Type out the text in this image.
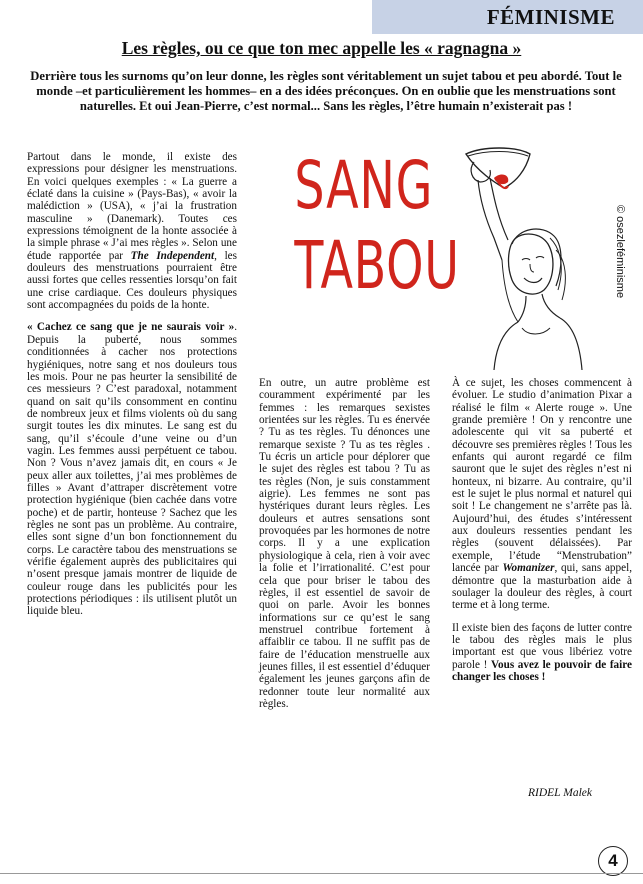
FÉMINISME
Les règles, ou ce que ton mec appelle les « ragnagna »
Derrière tous les surnoms qu’on leur donne, les règles sont véritablement un sujet tabou et peu abordé. Tout le monde –et particulièrement les hommes– en a des idées préconçues. On en oublie que les menstruations sont naturelles. Et oui Jean-Pierre, c’est normal... Sans les règles, l’être humain n’existerait pas !

Partout dans le monde, il existe des expressions pour désigner les menstruations. En voici quelques exemples : « La guerre a éclaté dans la cuisine » (Pays-Bas), « avoir la malédiction » (USA), « j’ai la frustration masculine » (Danemark). Toutes ces expressions témoignent de la honte associée à la simple phrase « J’ai mes règles ». Selon une étude rapportée par The Independent, les douleurs des menstruations pourraient être aussi fortes que celles ressenties lorsqu’on fait une crise cardiaque. Ces douleurs physiques sont accompagnées du poids de la honte.

« Cachez ce sang que je ne saurais voir ». Depuis la puberté, nous sommes conditionnées à cacher nos protections hygiéniques, notre sang et nos douleurs tous les mois. Pour ne pas heurter la sensibilité de ces messieurs ? C’est paradoxal, notamment quand on sait qu’ils consomment en continu de nombreux jeux et films violents où du sang surgit toutes les dix minutes. Le sang est du sang, qu’il s’écoule d’une veine ou d’un vagin. Les femmes aussi perpétuent ce tabou. Non ? Vous n’avez jamais dit, en cours « Je peux aller aux toilettes, j’ai mes problèmes de filles » Avant d’attraper discrètement votre protection hygiénique (bien cachée dans votre poche) et de partir, honteuse ? Sachez que les règles ne sont pas un problème. Au contraire, elles sont signe d’un bon fonctionnement du corps. Le caractère tabou des menstruations se vérifie également auprès des publicitaires qui n’osent presque jamais montrer de liquide de couleur rouge dans les publicités pour les protections périodiques : ils utilisent plutôt un liquide bleu.

SANG
TABOU	© osezleféminisme

En outre, un autre problème est couramment expérimenté par les femmes : les remarques sexistes orientées sur les règles. Tu es énervée ? Tu as tes règles. Tu dénonces une remarque sexiste ? Tu as tes règles . Tu écris un article pour déplorer que le sujet des règles est tabou ? Tu as tes règles (Non, je suis constamment aigrie). Les femmes ne sont pas hystériques durant leurs règles. Les douleurs et autres sensations sont provoquées par les hormones de notre corps. Il y a une explication physiologique à cela, rien à voir avec la folie et l’irrationalité. C’est pour cela que pour briser le tabou des règles, il est essentiel de savoir de quoi on parle. Avoir les bonnes informations sur ce qu’est le sang menstruel contribue fortement à affaiblir ce tabou. Il ne suffit pas de faire de l’éducation menstruelle aux jeunes filles, il est essentiel d’éduquer également les jeunes garçons afin de redonner toute leur normalité aux règles.

À ce sujet, les choses commencent à évoluer. Le studio d’animation Pixar a réalisé le film « Alerte rouge ». Une grande première ! On y rencontre une adolescente qui vit sa puberté et découvre ses premières règles ! Tous les enfants qui auront regardé ce film sauront que le sujet des règles n’est ni honteux, ni bizarre. Au contraire, qu’il est le sujet le plus normal et naturel qui soit ! Le changement ne s’arrête pas là. Aujourd’hui, des études s’intéressent aux douleurs ressenties pendant les règles (souvent délaissées). Par exemple, l’étude “Menstrubation” lancée par Womanizer, qui, sans appel, démontre que la masturbation aide à soulager la douleur des règles, à court terme et à long terme.

Il existe bien des façons de lutter contre le tabou des règles mais le plus important est que vous libériez votre parole ! Vous avez le pouvoir de faire changer les choses !

RIDEL Malek
4
